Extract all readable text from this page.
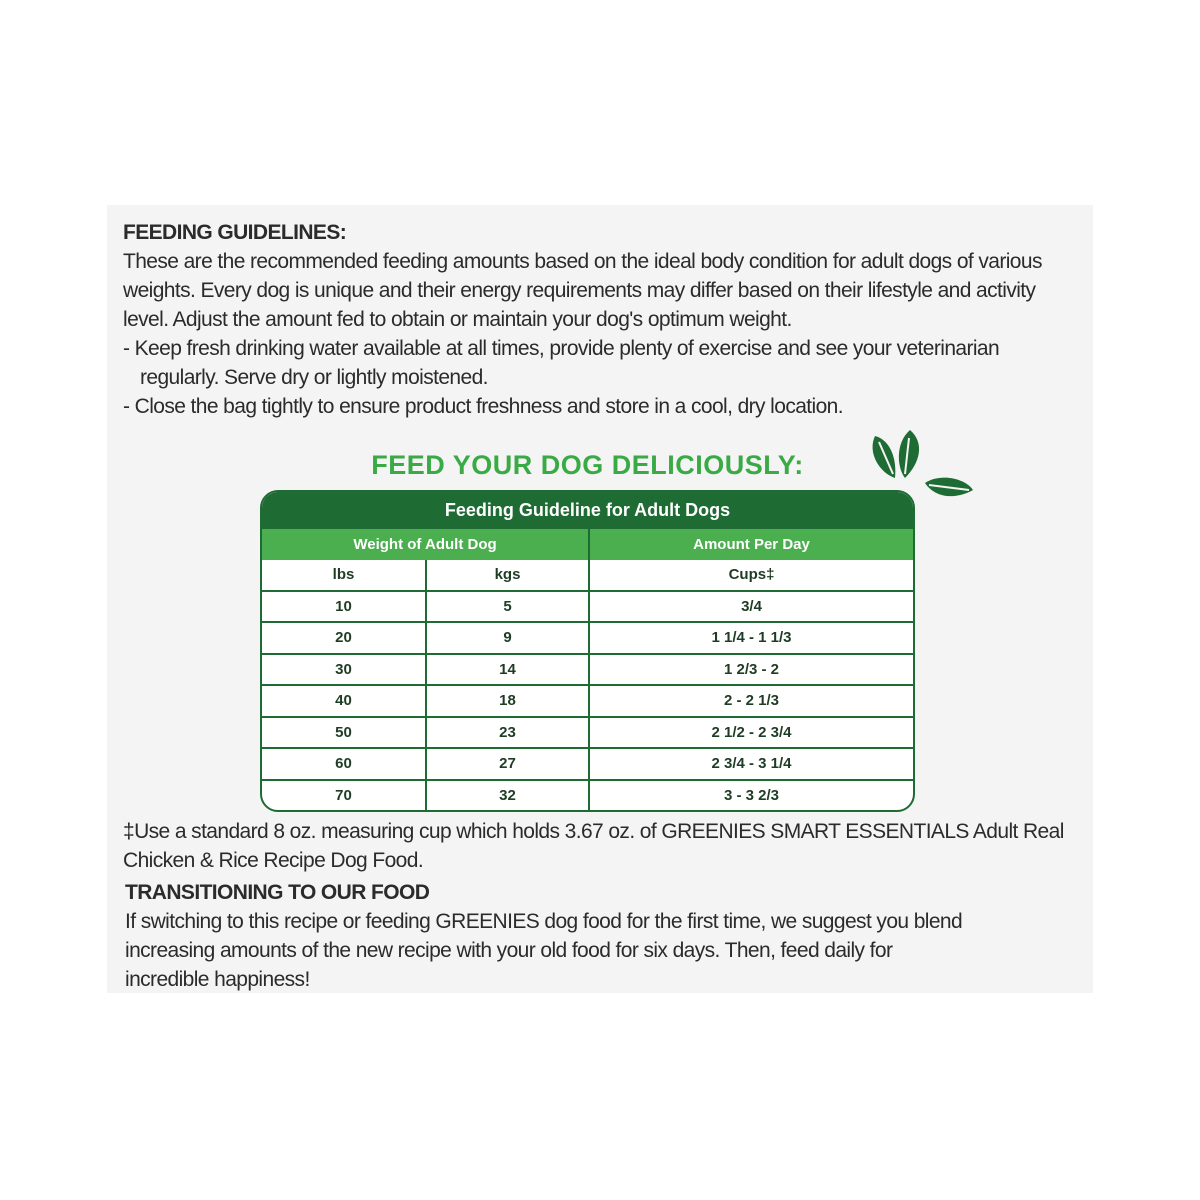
FEEDING GUIDELINES:
These are the recommended feeding amounts based on the ideal body condition for adult dogs of various
weights. Every dog is unique and their energy requirements may differ based on their lifestyle and activity
level. Adjust the amount fed to obtain or maintain your dog's optimum weight.
- Keep fresh drinking water available at all times, provide plenty of exercise and see your veterinarian
regularly. Serve dry or lightly moistened.
- Close the bag tightly to ensure product freshness and store in a cool, dry location.
FEED YOUR DOG DELICIOUSLY:
Feeding Guideline for Adult Dogs
Weight of Adult Dog	Amount Per Day
lbs	kgs	Cups‡
10	5	3/4
20	9	1 1/4 - 1 1/3
30	14	1 2/3 - 2
40	18	2 - 2 1/3
50	23	2 1/2 - 2 3/4
60	27	2 3/4 - 3 1/4
70	32	3 - 3 2/3
‡Use a standard 8 oz. measuring cup which holds 3.67 oz. of GREENIES SMART ESSENTIALS Adult Real
Chicken & Rice Recipe Dog Food.
TRANSITIONING TO OUR FOOD
If switching to this recipe or feeding GREENIES dog food for the first time, we suggest you blend
increasing amounts of the new recipe with your old food for six days. Then, feed daily for
incredible happiness!
